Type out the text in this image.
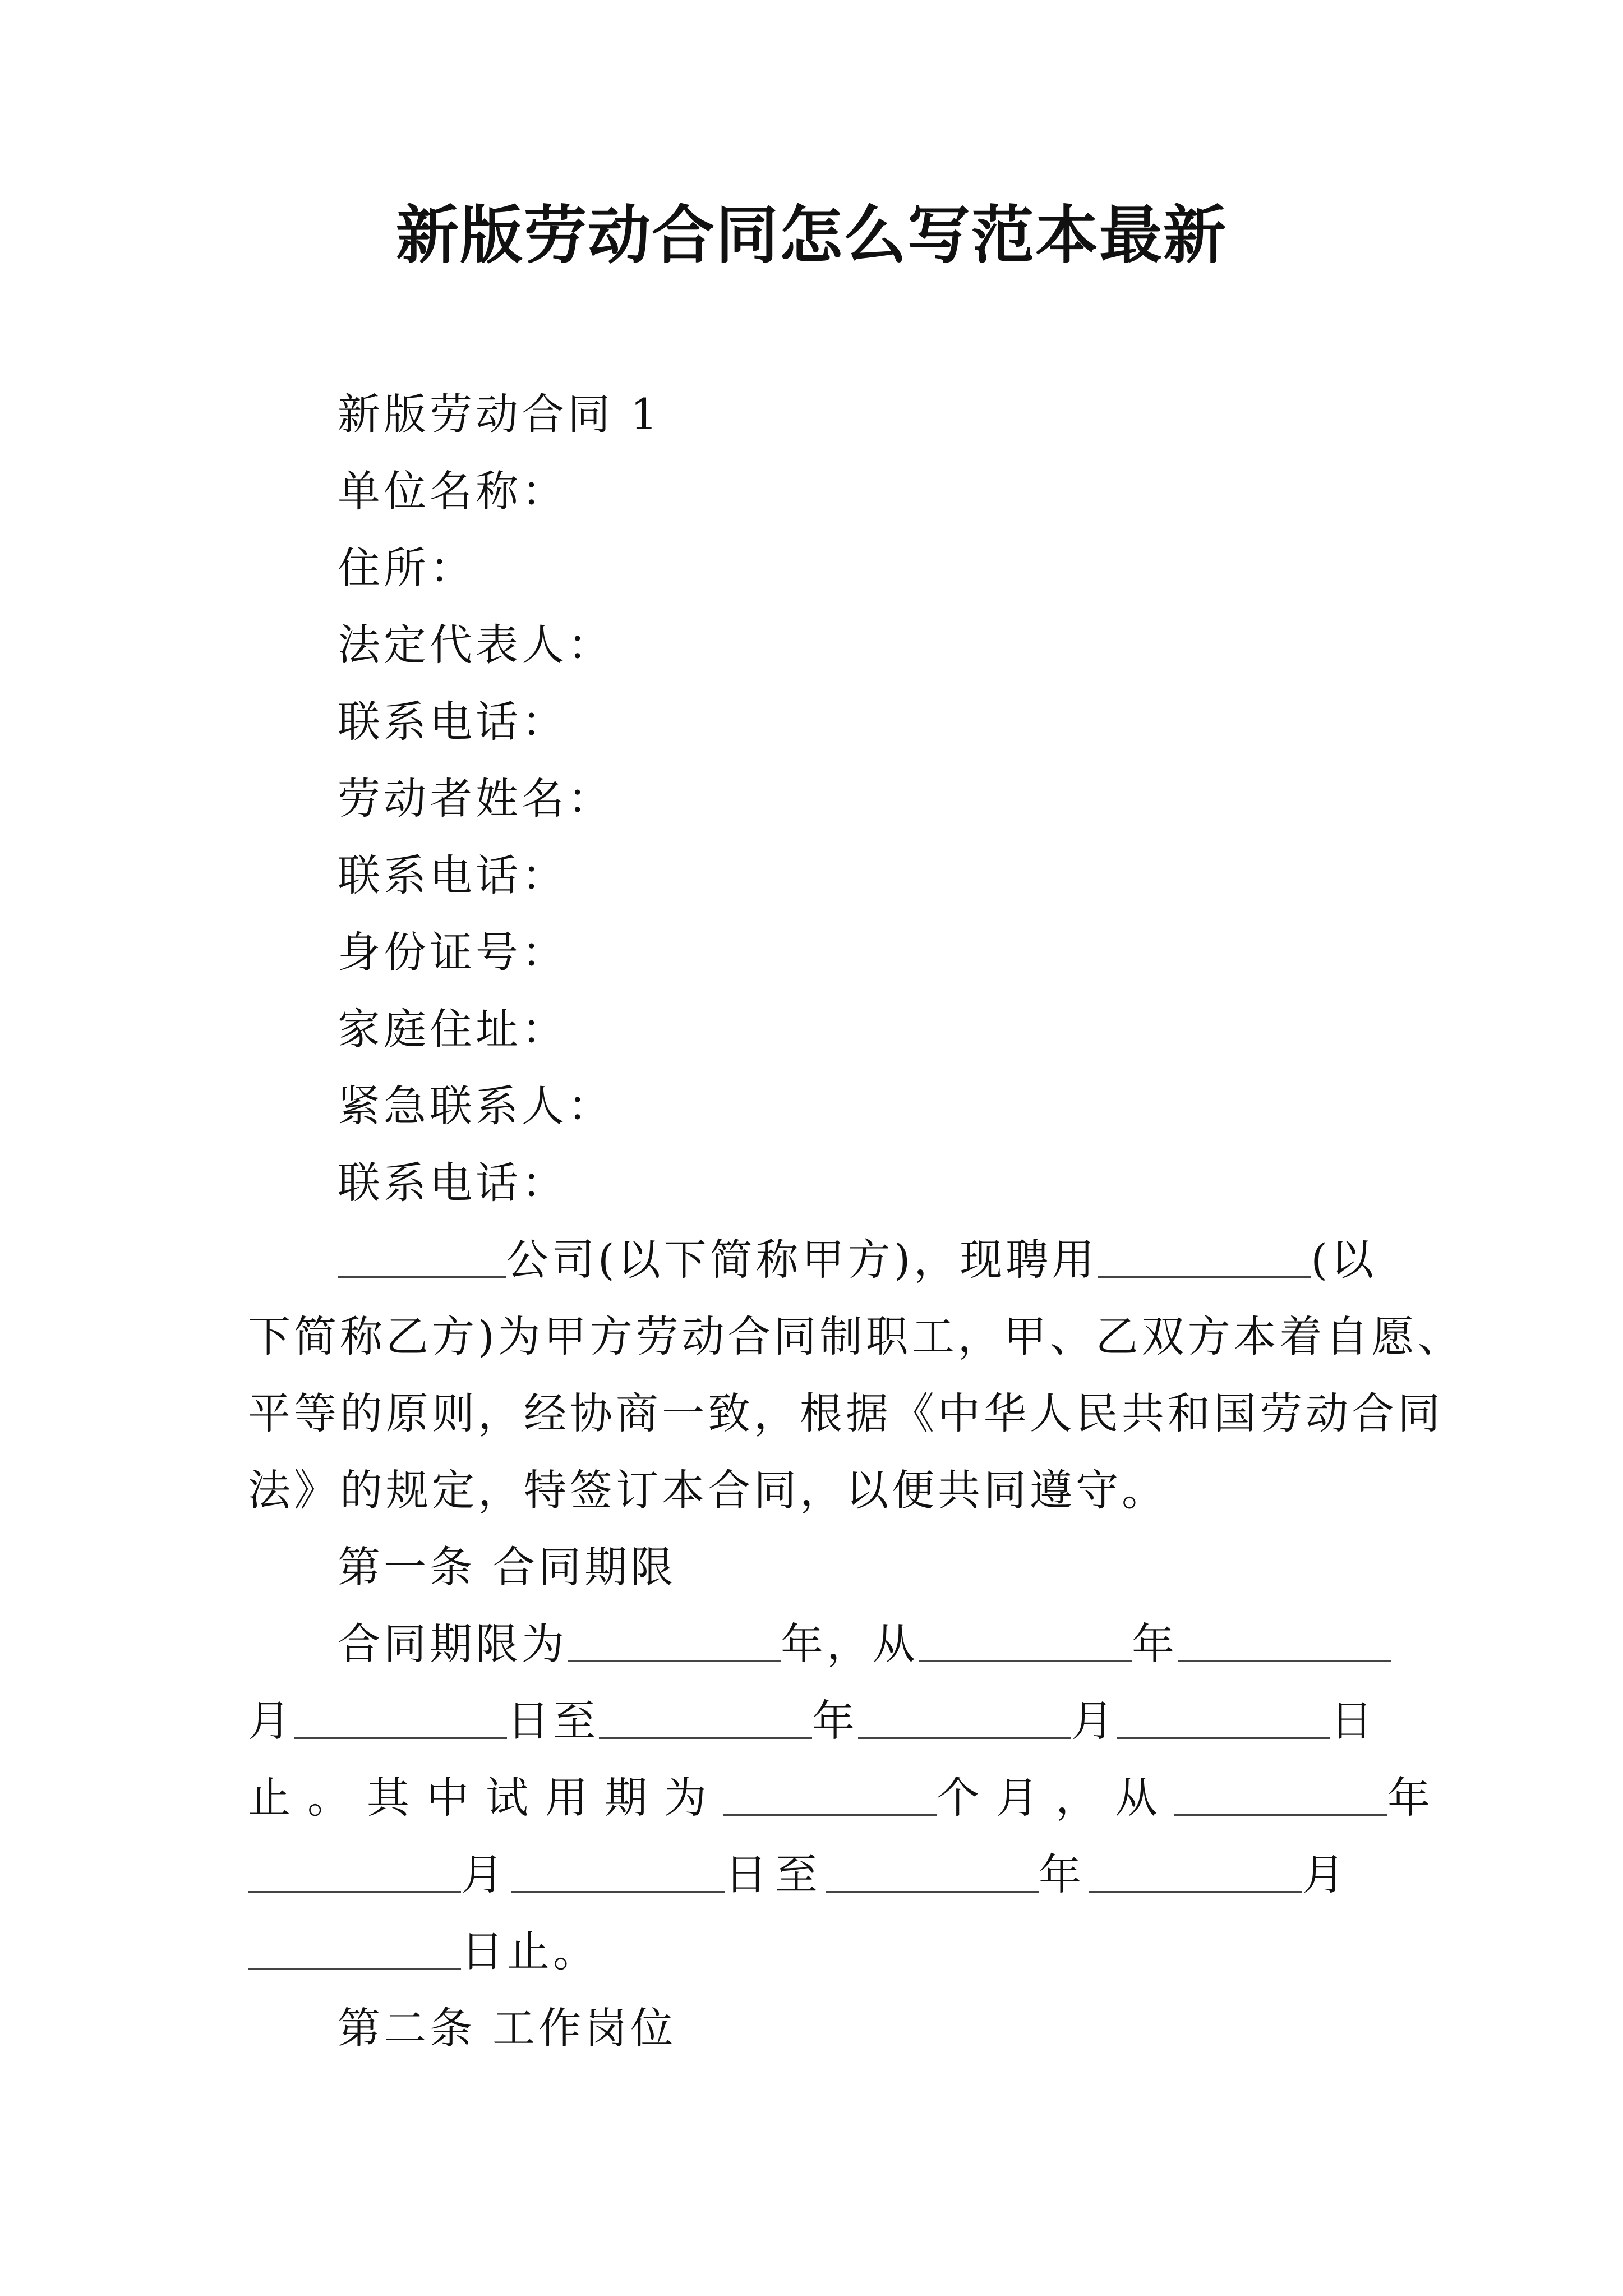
新版劳动合同怎么写范本最新
新版劳动合同 1
单位名称：
住所：
法定代表人：
联系电话：
劳动者姓名：
联系电话：
身份证号：
家庭住址：
紧急联系人：
联系电话：
公司(以下简称甲方)，现聘用	(以
下简称乙方)为甲方劳动合同制职工，甲、乙双方本着自愿、
平等的原则，经协商一致，根据《中华人民共和国劳动合同
法》的规定，特签订本合同，以便共同遵守。
第一条 合同期限
合同期限为	年，从	年
月	日至	年	月	日
止。其中试用期为	个月，从	年
月	日至	年	月
日止。
第二条 工作岗位
